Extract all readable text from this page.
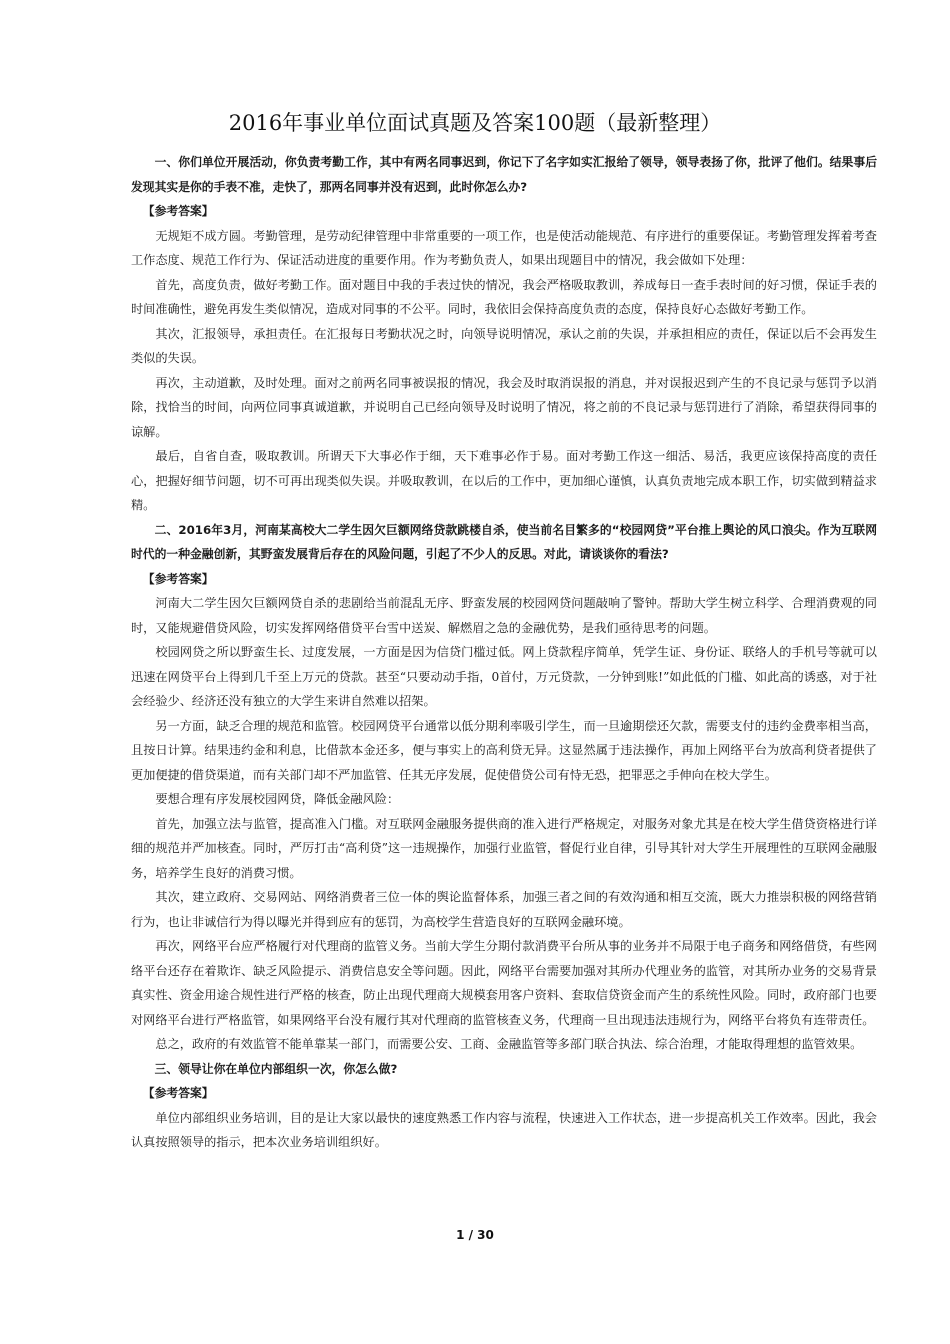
2016年事业单位面试真题及答案100题（最新整理）

一、你们单位开展活动，你负责考勤工作，其中有两名同事迟到，你记下了名字如实汇报给了领导，领导表扬了你，批评了他们。结果事后发现其实是你的手表不准，走快了，那两名同事并没有迟到，此时你怎么办?

【参考答案】

无规矩不成方圆。考勤管理，是劳动纪律管理中非常重要的一项工作，也是使活动能规范、有序进行的重要保证。考勤管理发挥着考查工作态度、规范工作行为、保证活动进度的重要作用。作为考勤负责人，如果出现题目中的情况，我会做如下处理：

首先，高度负责，做好考勤工作。面对题目中我的手表过快的情况，我会严格吸取教训，养成每日一查手表时间的好习惯，保证手表的时间准确性，避免再发生类似情况，造成对同事的不公平。同时，我依旧会保持高度负责的态度，保持良好心态做好考勤工作。

其次，汇报领导，承担责任。在汇报每日考勤状况之时，向领导说明情况，承认之前的失误，并承担相应的责任，保证以后不会再发生类似的失误。

再次，主动道歉，及时处理。面对之前两名同事被误报的情况，我会及时取消误报的消息，并对误报迟到产生的不良记录与惩罚予以消除，找恰当的时间，向两位同事真诚道歉，并说明自己已经向领导及时说明了情况，将之前的不良记录与惩罚进行了消除，希望获得同事的谅解。

最后，自省自查，吸取教训。所谓天下大事必作于细，天下难事必作于易。面对考勤工作这一细活、易活，我更应该保持高度的责任心，把握好细节问题，切不可再出现类似失误。并吸取教训，在以后的工作中，更加细心谨慎，认真负责地完成本职工作，切实做到精益求精。

二、2016年3月，河南某高校大二学生因欠巨额网络贷款跳楼自杀，使当前名目繁多的“校园网贷”平台推上舆论的风口浪尖。作为互联网时代的一种金融创新，其野蛮发展背后存在的风险问题，引起了不少人的反思。对此，请谈谈你的看法?

【参考答案】

河南大二学生因欠巨额网贷自杀的悲剧给当前混乱无序、野蛮发展的校园网贷问题敲响了警钟。帮助大学生树立科学、合理消费观的同时，又能规避借贷风险，切实发挥网络借贷平台雪中送炭、解燃眉之急的金融优势，是我们亟待思考的问题。

校园网贷之所以野蛮生长、过度发展，一方面是因为信贷门槛过低。网上贷款程序简单，凭学生证、身份证、联络人的手机号等就可以迅速在网贷平台上得到几千至上万元的贷款。甚至“只要动动手指，0首付，万元贷款，一分钟到账!”如此低的门槛、如此高的诱惑，对于社会经验少、经济还没有独立的大学生来讲自然难以招架。

另一方面，缺乏合理的规范和监管。校园网贷平台通常以低分期利率吸引学生，而一旦逾期偿还欠款，需要支付的违约金费率相当高，且按日计算。结果违约金和利息，比借款本金还多，便与事实上的高利贷无异。这显然属于违法操作，再加上网络平台为放高利贷者提供了更加便捷的借贷渠道，而有关部门却不严加监管、任其无序发展，促使借贷公司有恃无恐，把罪恶之手伸向在校大学生。

要想合理有序发展校园网贷，降低金融风险：

首先，加强立法与监管，提高准入门槛。对互联网金融服务提供商的准入进行严格规定，对服务对象尤其是在校大学生借贷资格进行详细的规范并严加核查。同时，严厉打击“高利贷”这一违规操作，加强行业监管，督促行业自律，引导其针对大学生开展理性的互联网金融服务，培养学生良好的消费习惯。

其次，建立政府、交易网站、网络消费者三位一体的舆论监督体系，加强三者之间的有效沟通和相互交流，既大力推崇积极的网络营销行为，也让非诚信行为得以曝光并得到应有的惩罚，为高校学生营造良好的互联网金融环境。

再次，网络平台应严格履行对代理商的监管义务。当前大学生分期付款消费平台所从事的业务并不局限于电子商务和网络借贷，有些网络平台还存在着欺诈、缺乏风险提示、消费信息安全等问题。因此，网络平台需要加强对其所办代理业务的监管，对其所办业务的交易背景真实性、资金用途合规性进行严格的核查，防止出现代理商大规模套用客户资料、套取信贷资金而产生的系统性风险。同时，政府部门也要对网络平台进行严格监管，如果网络平台没有履行其对代理商的监管核查义务，代理商一旦出现违法违规行为，网络平台将负有连带责任。

总之，政府的有效监管不能单靠某一部门，而需要公安、工商、金融监管等多部门联合执法、综合治理，才能取得理想的监管效果。

三、领导让你在单位内部组织一次，你怎么做?

【参考答案】

单位内部组织业务培训，目的是让大家以最快的速度熟悉工作内容与流程，快速进入工作状态，进一步提高机关工作效率。因此，我会认真按照领导的指示，把本次业务培训组织好。

1 / 30
